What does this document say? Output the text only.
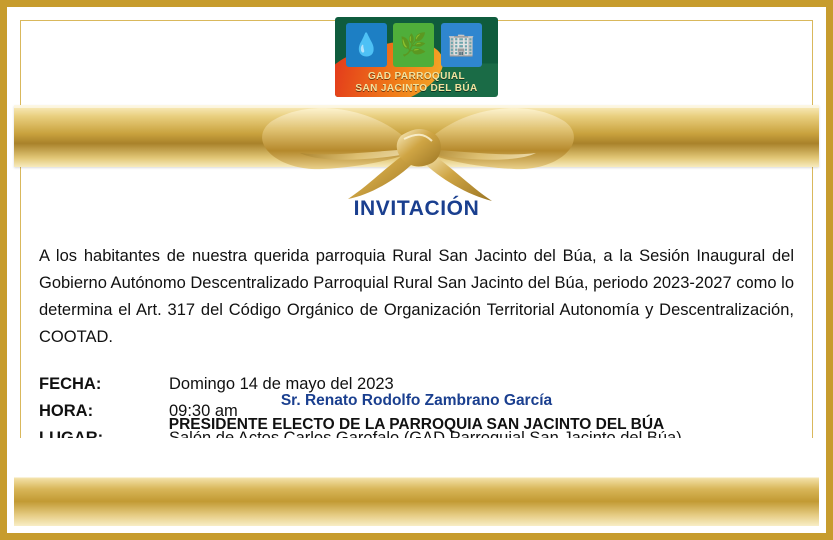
💧 🌿 🏢
GAD PARROQUIAL
SAN JACINTO DEL BÚA
INVITACIÓN

A los habitantes de nuestra querida parroquia Rural San Jacinto del Búa, a la Sesión Inaugural del Gobierno Autónomo Descentralizado Parroquial Rural San Jacinto del Búa, periodo 2023-2027 como lo determina el Art. 317 del Código Orgánico de Organización Territorial Autonomía y Descentralización, COOTAD.

FECHA:	Domingo 14 de mayo del 2023
HORA:	09:30 am
Sr. Renato Rodolfo Zambrano García
PRESIDENTE ELECTO DE LA PARROQUIA SAN JACINTO DEL BÚA
